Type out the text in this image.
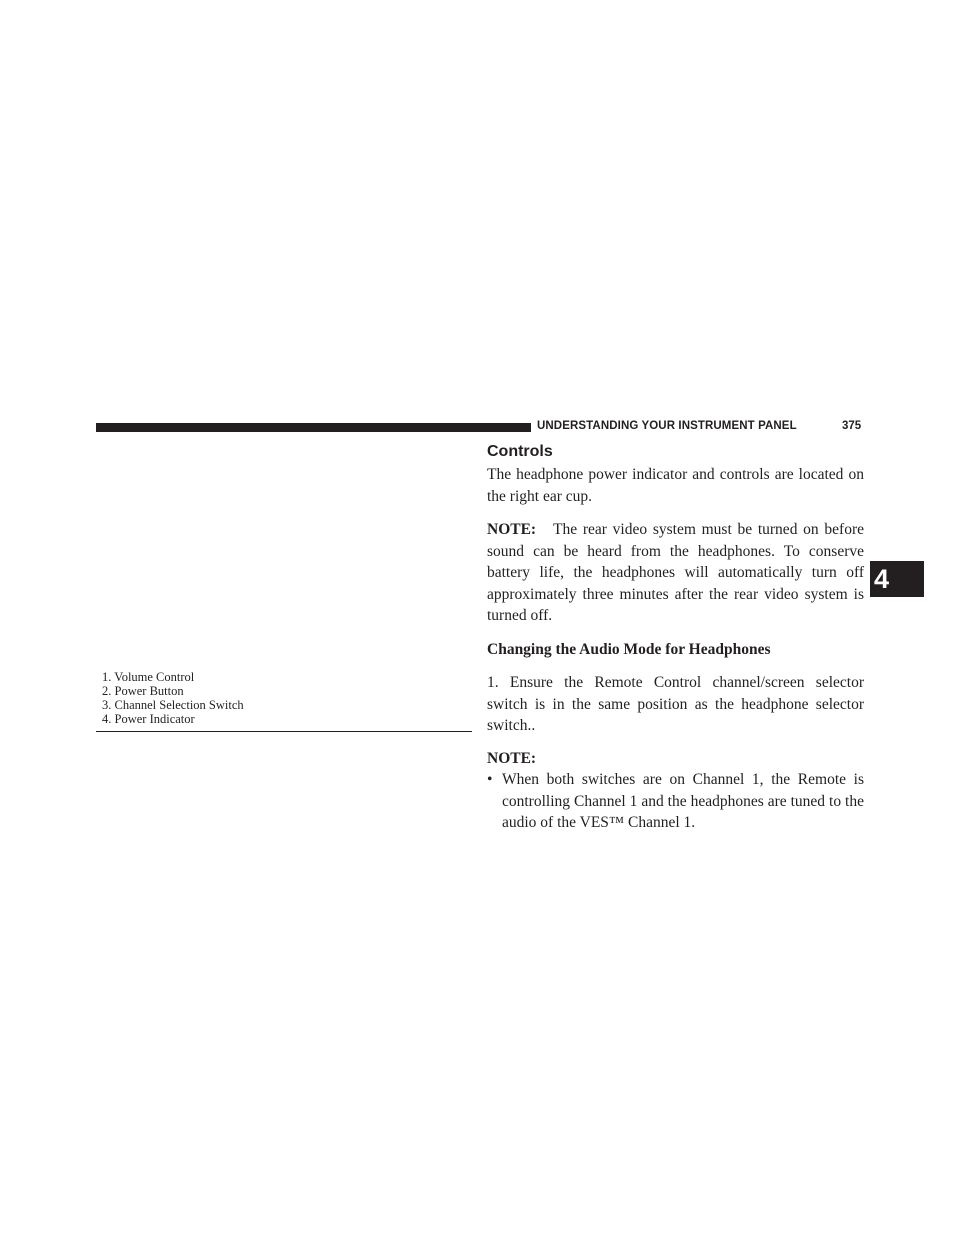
UNDERSTANDING YOUR INSTRUMENT PANEL	375
4
1. Volume Control
2. Power Button
3. Channel Selection Switch
4. Power Indicator
Controls

The headphone power indicator and controls are located on the right ear cup.

NOTE: The rear video system must be turned on before sound can be heard from the headphones. To conserve battery life, the headphones will automatically turn off approximately three minutes after the rear video system is turned off.

Changing the Audio Mode for Headphones

1. Ensure the Remote Control channel/screen selector switch is in the same position as the headphone selector switch..

NOTE:

• When both switches are on Channel 1, the Remote is controlling Channel 1 and the headphones are tuned to the audio of the VES™ Channel 1.
